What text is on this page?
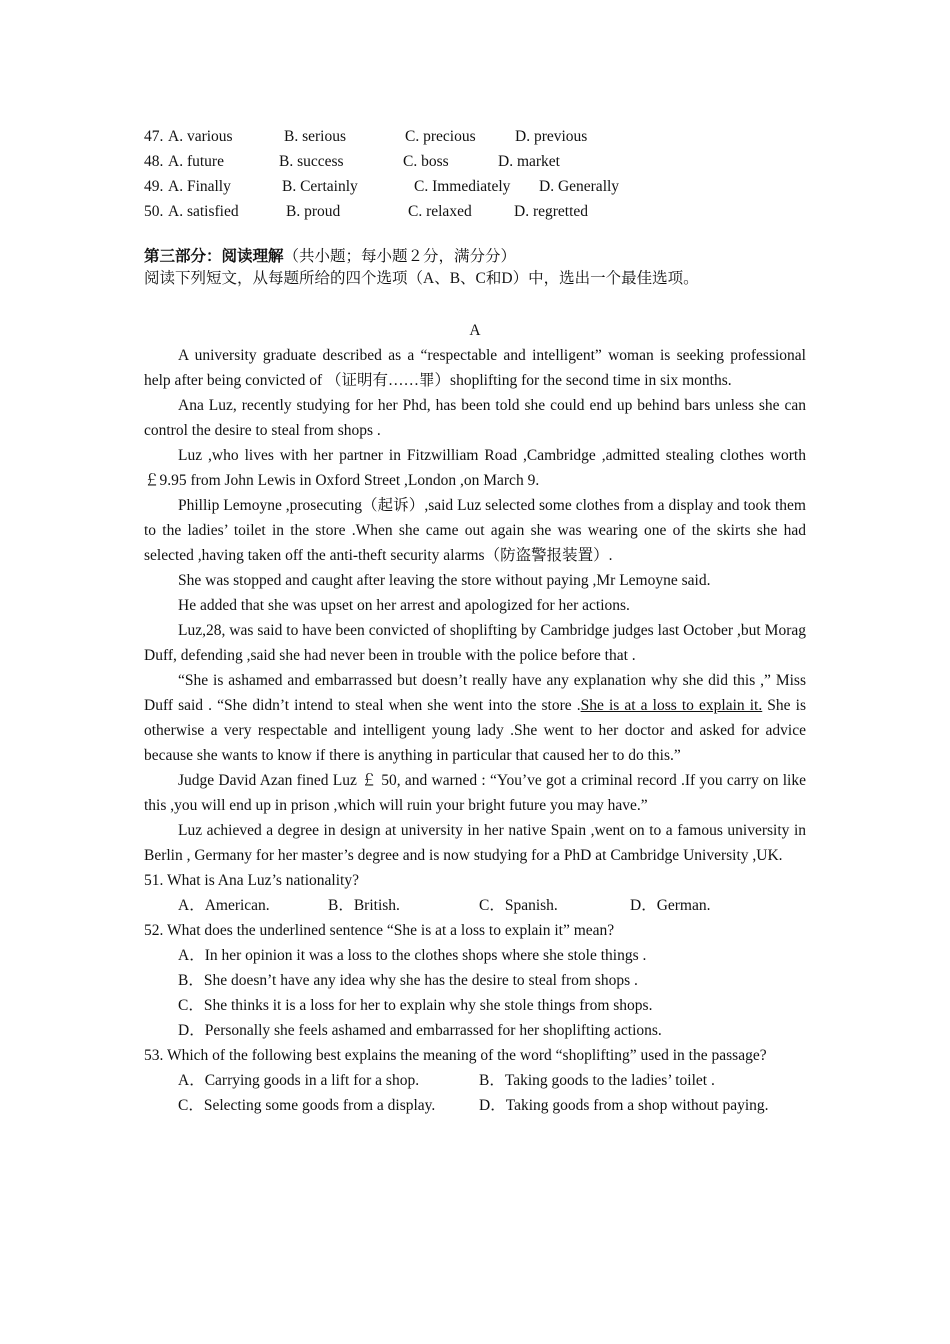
47. A. various	B. serious	C. precious	D. previous
48. A. future	B. success	C. boss	D. market
49. A. Finally	B. Certainly	C. Immediately D. Generally
50. A. satisfied	B. proud	C. relaxed	D. regretted
第三部分：阅读理解（共小题；每小题２分，满分分）
阅读下列短文，从每题所给的四个选项（A、B、C和D）中，选出一个最佳选项。
A

A university graduate described as a “respectable and intelligent” woman is seeking professional help after being convicted of （证明有……罪）shoplifting for the second time in six months.

Ana Luz, recently studying for her Phd, has been told she could end up behind bars unless she can control the desire to steal from shops .

Luz ,who lives with her partner in Fitzwilliam Road ,Cambridge ,admitted stealing clothes worth ￡9.95 from John Lewis in Oxford Street ,London ,on March 9.

Phillip Lemoyne ,prosecuting（起诉）,said Luz selected some clothes from a display and took them to the ladies’ toilet in the store .When she came out again she was wearing one of the skirts she had selected ,having taken off the anti-theft security alarms（防盗警报装置）.

She was stopped and caught after leaving the store without paying ,Mr Lemoyne said.

He added that she was upset on her arrest and apologized for her actions.

Luz,28, was said to have been convicted of shoplifting by Cambridge judges last October ,but Morag Duff, defending ,said she had never been in trouble with the police before that .

“She is ashamed and embarrassed but doesn’t really have any explanation why she did this ,” Miss Duff said . “She didn’t intend to steal when she went into the store .She is at a loss to explain it. She is otherwise a very respectable and intelligent young lady .She went to her doctor and asked for advice because she wants to know if there is anything in particular that caused her to do this.”

Judge David Azan fined Luz ￡ 50, and warned : “You’ve got a criminal record .If you carry on like this ,you will end up in prison ,which will ruin your bright future you may have.”

Luz achieved a degree in design at university in her native Spain ,went on to a famous university in Berlin , Germany for her master’s degree and is now studying for a PhD at Cambridge University ,UK.

51. What is Ana Luz’s nationality?

A．American.	B．British.	C．Spanish.	D．German.

52. What does the underlined sentence “She is at a loss to explain it” mean?

A．In her opinion it was a loss to the clothes shops where she stole things .

B．She doesn’t have any idea why she has the desire to steal from shops .

C．She thinks it is a loss for her to explain why she stole things from shops.

D．Personally she feels ashamed and embarrassed for her shoplifting actions.

53. Which of the following best explains the meaning of the word “shoplifting” used in the passage?

A．Carrying goods in a lift for a shop.	B．Taking goods to the ladies’ toilet .
C．Selecting some goods from a display.	D．Taking goods from a shop without paying.
